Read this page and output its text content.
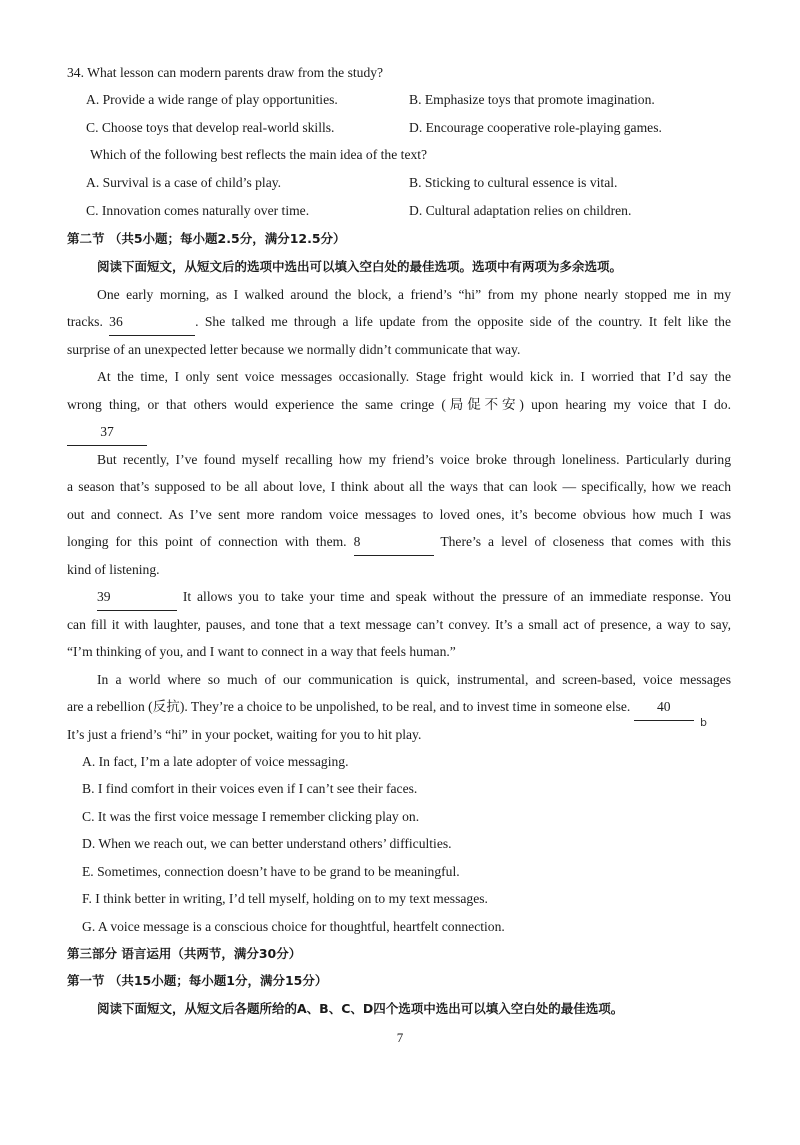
34. What lesson can modern parents draw from the study?
A. Provide a wide range of play opportunities.	B. Emphasize toys that promote imagination.
C. Choose toys that develop real-world skills.	D. Encourage cooperative role-playing games.
Which of the following best reflects the main idea of the text?
A. Survival is a case of child’s play.	B. Sticking to cultural essence is vital.
C. Innovation comes naturally over time.	D. Cultural adaptation relies on children.
第二节 （共5小题；每小题2.5分，满分12.5分）
阅读下面短文，从短文后的选项中选出可以填入空白处的最佳选项。选项中有两项为多余选项。
One early morning, as I walked around the block, a friend’s “hi” from my phone nearly stopped me in my
tracks. 36	. She talked me through a life update from the opposite side of the country. It felt like the
surprise of an unexpected letter because we normally didn’t communicate that way.
At the time, I only sent voice messages occasionally. Stage fright would kick in. I worried that I’d say the
wrong thing, or that others would experience the same cringe (局促不安) upon hearing my voice that I do.
37
But recently, I’ve found myself recalling how my friend’s voice broke through loneliness. Particularly during
a season that’s supposed to be all about love, I think about all the ways that can look — specifically, how we reach
out and connect. As I’ve sent more random voice messages to loved ones, it’s become obvious how much I was
longing for this point of connection with them. 8	There’s a level of closeness that comes with this
kind of listening.
39	It allows you to take your time and speak without the pressure of an immediate response. You
can fill it with laughter, pauses, and tone that a text message can’t convey. It’s a small act of presence, a way to say,
“I’m thinking of you, and I want to connect in a way that feels human.”
In a world where so much of our communication is quick, instrumental, and screen-based, voice messages
are a rebellion (反抗). They’re a choice to be unpolished, to be real, and to invest time in someone else. 40
b
It’s just a friend’s “hi” in your pocket, waiting for you to hit play.
A. In fact, I’m a late adopter of voice messaging.
B. I find comfort in their voices even if I can’t see their faces.
C. It was the first voice message I remember clicking play on.
D. When we reach out, we can better understand others’ difficulties.
E. Sometimes, connection doesn’t have to be grand to be meaningful.
F. I think better in writing, I’d tell myself, holding on to my text messages.
G. A voice message is a conscious choice for thoughtful, heartfelt connection.
第三部分 语言运用（共两节，满分30分）
第一节 （共15小题；每小题1分，满分15分）
阅读下面短文，从短文后各题所给的A、B、C、D四个选项中选出可以填入空白处的最佳选项。
7
